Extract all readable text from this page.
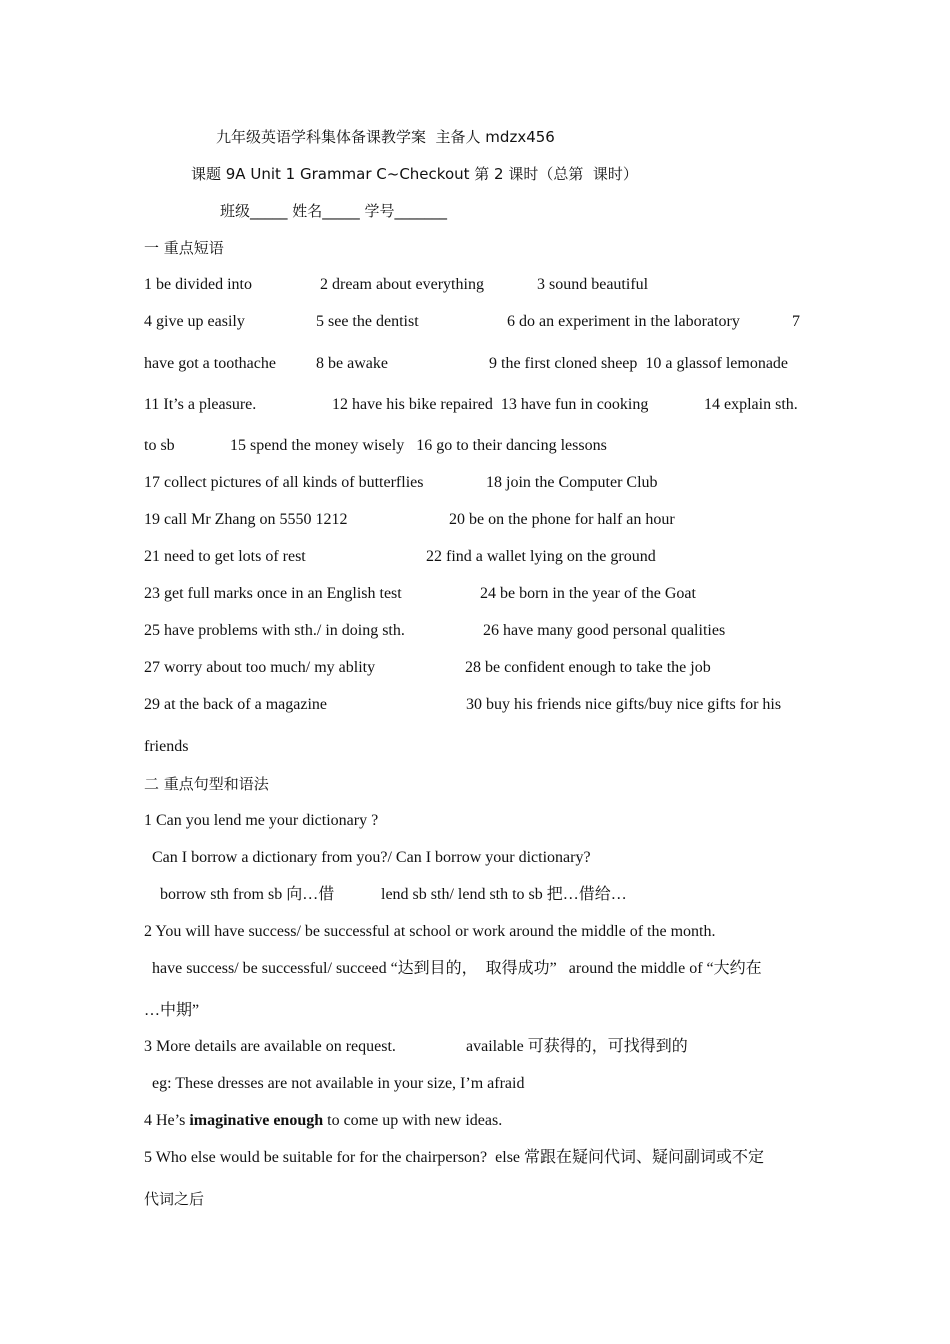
九年级英语学科集体备课教学案  主备人 mdzx456
课题 9A Unit 1 Grammar C~Checkout 第 2 课时（总第  课时）
班级_____ 姓名_____ 学号_______
一 重点短语
1 be divided into	2 dream about everything	3 sound beautiful
4 give up easily	5 see the dentist	6 do an experiment in the laboratory	7
have got a toothache	8 be awake	9 the first cloned sheep  10 a glassof lemonade
11 It’s a pleasure.	12 have his bike repaired  13 have fun in cooking	14 explain sth.
to sb	15 spend the money wisely   16 go to their dancing lessons
17 collect pictures of all kinds of butterflies	18 join the Computer Club
19 call Mr Zhang on 5550 1212	20 be on the phone for half an hour
21 need to get lots of rest	22 find a wallet lying on the ground
23 get full marks once in an English test	24 be born in the year of the Goat
25 have problems with sth./ in doing sth.	26 have many good personal qualities
27 worry about too much/ my ablity	28 be confident enough to take the job
29 at the back of a magazine	30 buy his friends nice gifts/buy nice gifts for his
friends
二 重点句型和语法
1 Can you lend me your dictionary ?
Can I borrow a dictionary from you?/ Can I borrow your dictionary?
borrow sth from sb 向…借	lend sb sth/ lend sth to sb 把…借给…
2 You will have success/ be successful at school or work around the middle of the month.
have success/ be successful/ succeed “达到目的，  取得成功”   around the middle of “大约在
…中期”
3 More details are available on request.	available 可获得的，可找得到的
eg: These dresses are not available in your size, I’m afraid
4 He’s imaginative enough to come up with new ideas.
5 Who else would be suitable for for the chairperson?  else 常跟在疑问代词、疑问副词或不定
代词之后
